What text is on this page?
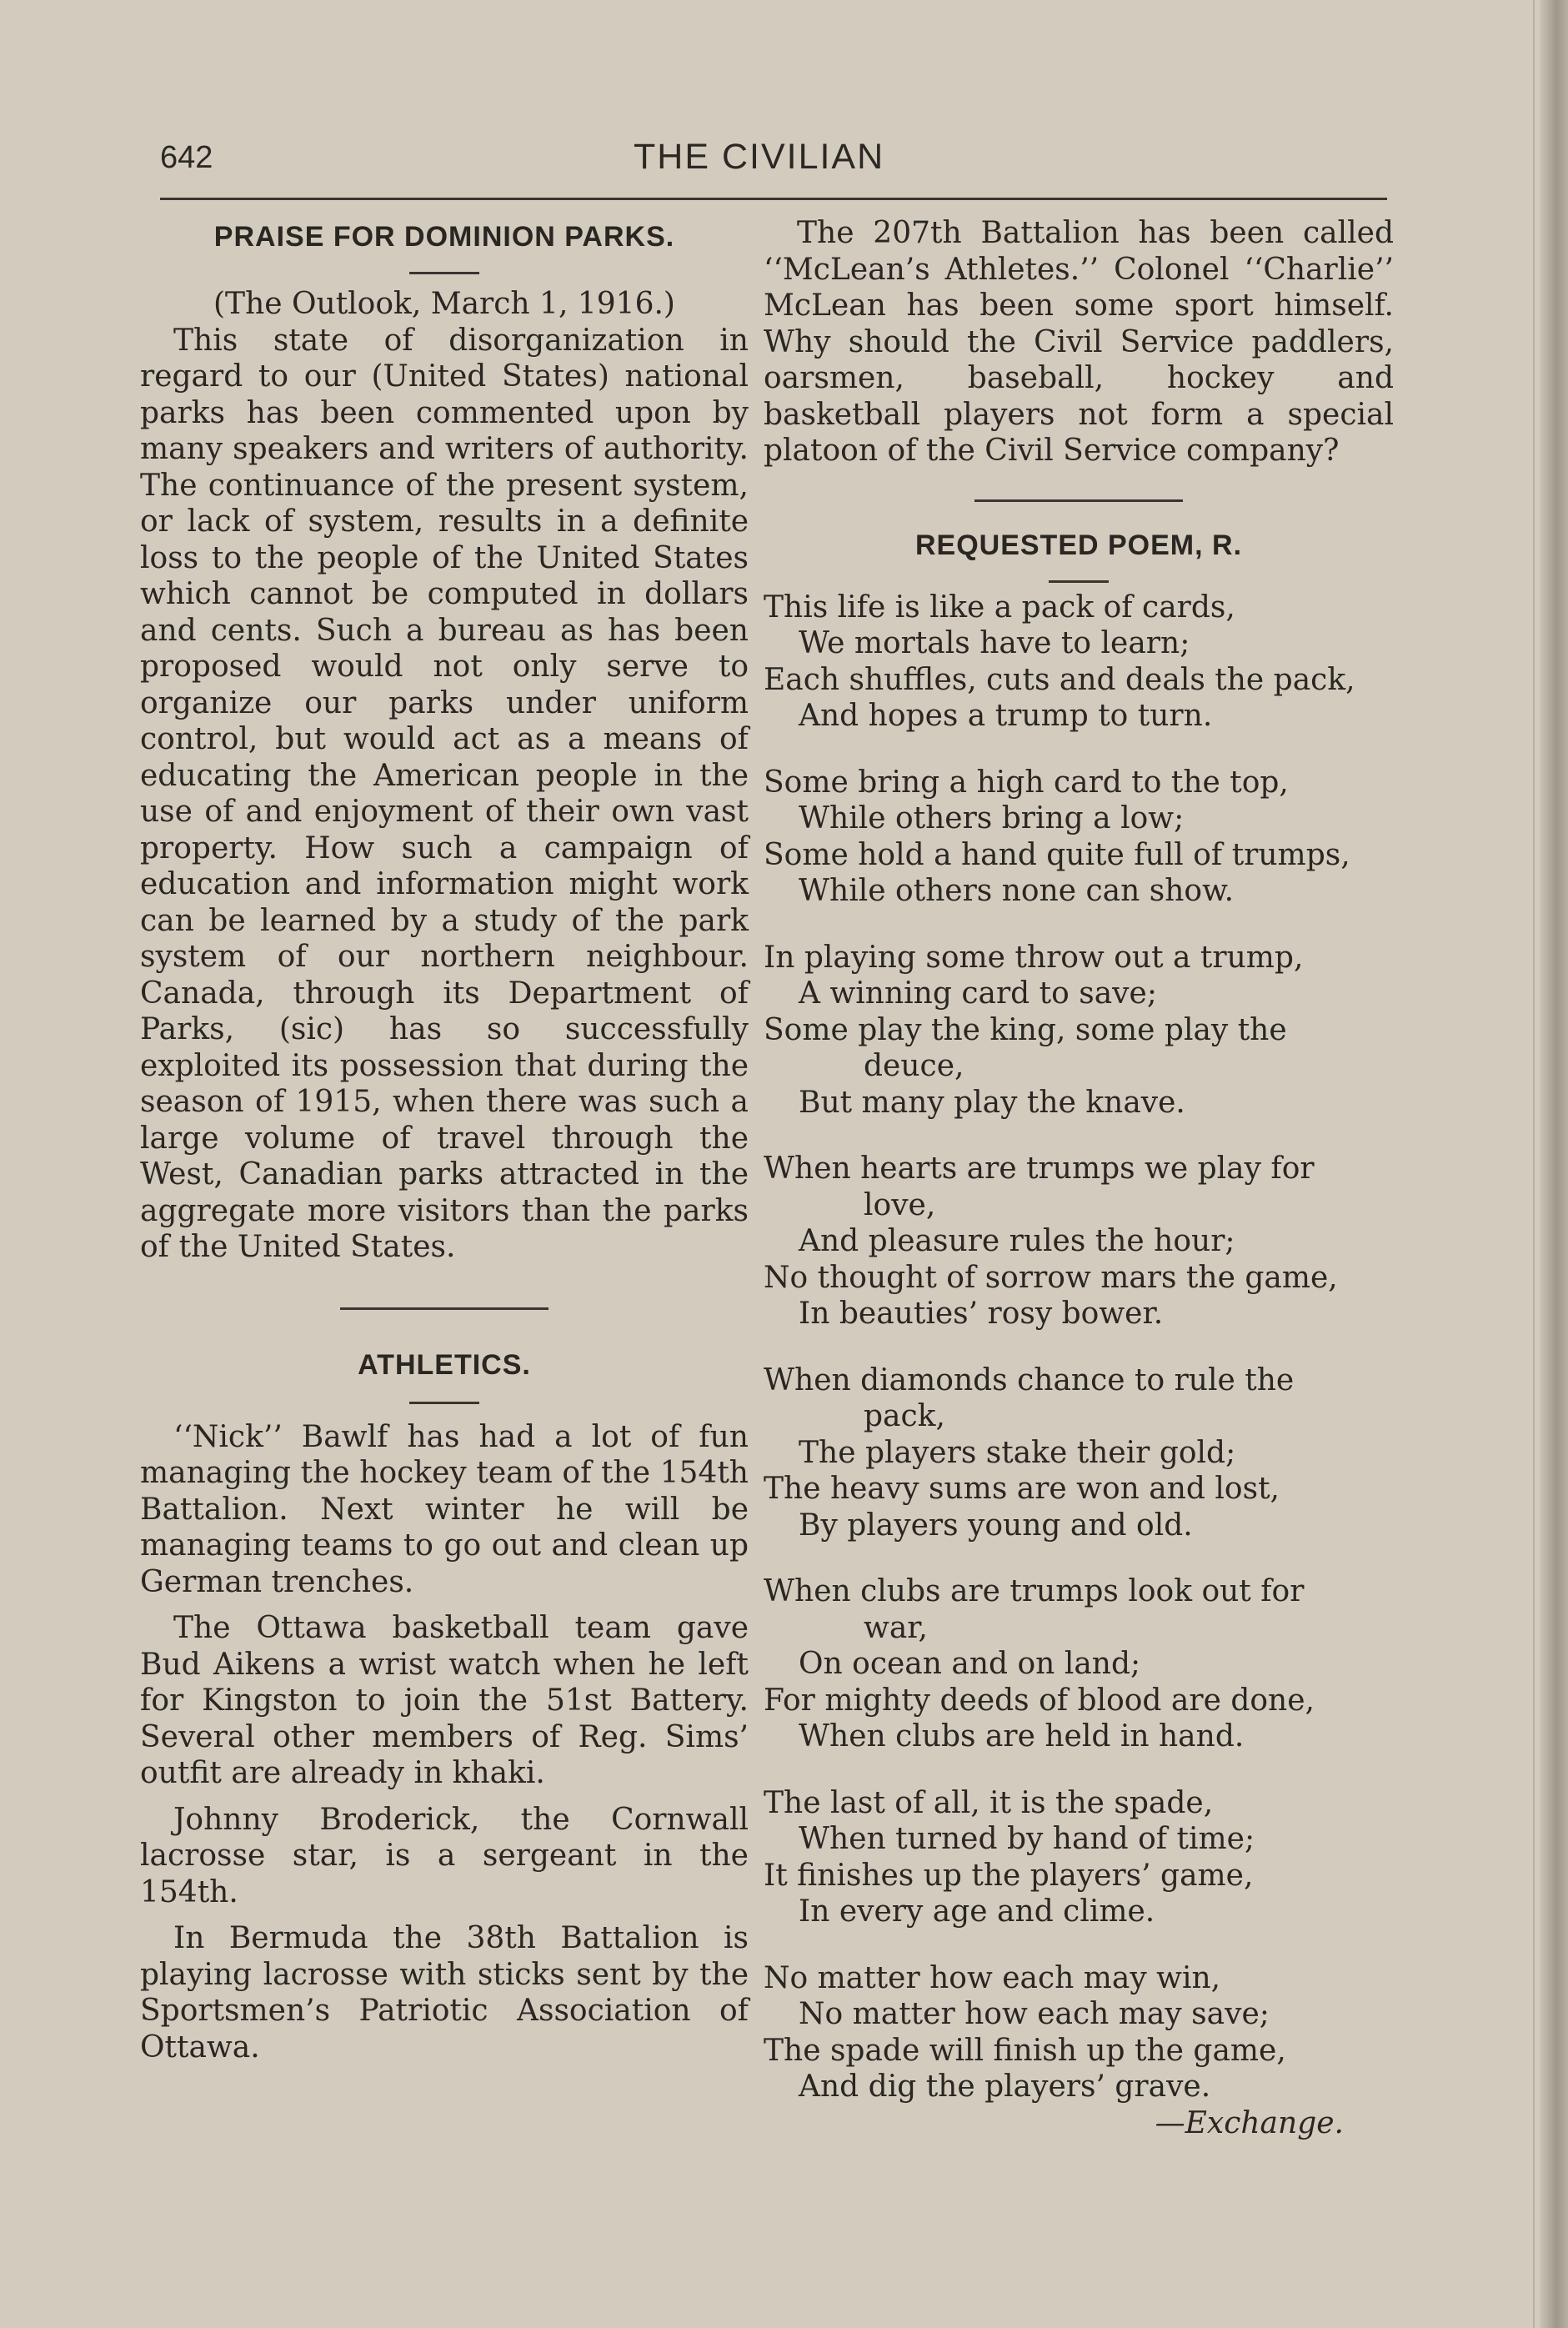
642	THE CIVILIAN
PRAISE FOR DOMINION PARKS.

(The Outlook, March 1, 1916.)

This state of disorganization in regard to our (United States) national parks has been commented upon by many speakers and writers of authority. The continuance of the present system, or lack of system, results in a definite loss to the people of the United States which cannot be computed in dollars and cents. Such a bureau as has been proposed would not only serve to organize our parks under uniform control, but would act as a means of educating the American people in the use of and enjoyment of their own vast property. How such a campaign of education and information might work can be learned by a study of the park system of our northern neighbour. Canada, through its Department of Parks, (sic) has so successfully exploited its possession that during the season of 1915, when there was such a large volume of travel through the West, Canadian parks attracted in the aggregate more visitors than the parks of the United States.

ATHLETICS.

‘‘Nick’’ Bawlf has had a lot of fun managing the hockey team of the 154th Battalion. Next winter he will be managing teams to go out and clean up German trenches.

The Ottawa basketball team gave Bud Aikens a wrist watch when he left for Kingston to join the 51st Battery. Several other members of Reg. Sims’ outfit are already in khaki.

Johnny Broderick, the Cornwall lacrosse star, is a sergeant in the 154th.

In Bermuda the 38th Battalion is playing lacrosse with sticks sent by the Sportsmen’s Patriotic Association of Ottawa.

The 207th Battalion has been called ‘‘McLean’s Athletes.’’ Colonel ‘‘Charlie’’ McLean has been some sport himself. Why should the Civil Service paddlers, oarsmen, baseball, hockey and basketball players not form a special platoon of the Civil Service company?

REQUESTED POEM, R.
This life is like a pack of cards,
We mortals have to learn;
Each shuffles, cuts and deals the pack,
And hopes a trump to turn.
Some bring a high card to the top,
While others bring a low;
Some hold a hand quite full of trumps,
While others none can show.
In playing some throw out a trump,
A winning card to save;
Some play the king, some play the
deuce,
But many play the knave.
When hearts are trumps we play for
love,
And pleasure rules the hour;
No thought of sorrow mars the game,
In beauties’ rosy bower.
When diamonds chance to rule the
pack,
The players stake their gold;
The heavy sums are won and lost,
By players young and old.
When clubs are trumps look out for
war,
On ocean and on land;
For mighty deeds of blood are done,
When clubs are held in hand.
The last of all, it is the spade,
When turned by hand of time;
It finishes up the players’ game,
In every age and clime.
No matter how each may win,
No matter how each may save;
The spade will finish up the game,
And dig the players’ grave.
—Exchange.
